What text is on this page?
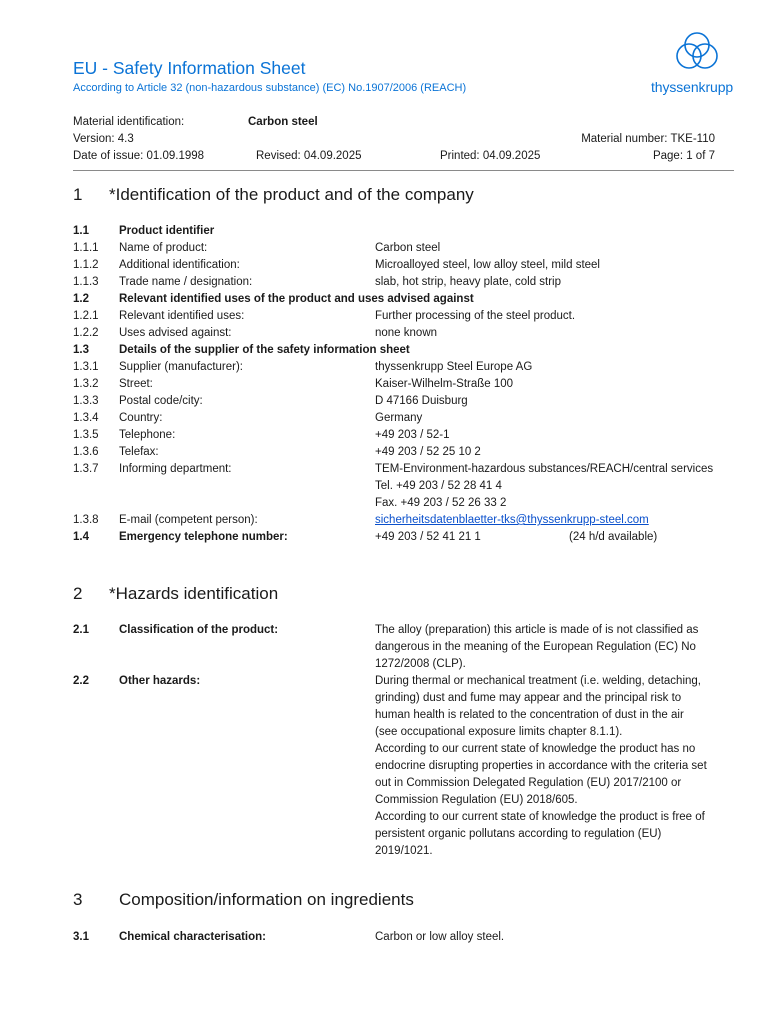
EU - Safety Information Sheet
According to Article 32 (non-hazardous substance) (EC) No.1907/2006 (REACH)	thyssenkrupp
Material identification:	Carbon steel
Version: 4.3	Material number: TKE-110
Date of issue: 01.09.1998	Revised: 04.09.2025	Printed: 04.09.2025	Page: 1 of 7
1 *Identification of the product and of the company
1.1	Product identifier
1.1.1 Name of product:	Carbon steel
1.1.2 Additional identification:	Microalloyed steel, low alloy steel, mild steel
1.1.3 Trade name / designation:	slab, hot strip, heavy plate, cold strip
1.2	Relevant identified uses of the product and uses advised against
1.2.1 Relevant identified uses:	Further processing of the steel product.
1.2.2 Uses advised against:	none known
1.3	Details of the supplier of the safety information sheet
1.3.1 Supplier (manufacturer):	thyssenkrupp Steel Europe AG
1.3.2 Street:	Kaiser-Wilhelm-Straße 100
1.3.3 Postal code/city:	D 47166 Duisburg
1.3.4 Country:	Germany
1.3.5 Telephone:	+49 203 / 52-1
1.3.6 Telefax:	+49 203 / 52 25 10 2
1.3.7 Informing department:	TEM-Environment-hazardous substances/REACH/central services
Tel. +49 203 / 52 28 41 4
Fax. +49 203 / 52 26 33 2
1.3.8 E-mail (competent person):	sicherheitsdatenblaetter-tks@thyssenkrupp-steel.com
1.4	Emergency telephone number:	+49 203 / 52 41 21 1	(24 h/d available)
2 *Hazards identification
2.1	Classification of the product:	The alloy (preparation) this article is made of is not classified as
dangerous in the meaning of the European Regulation (EC) No
1272/2008 (CLP).
2.2	Other hazards:	During thermal or mechanical treatment (i.e. welding, detaching,
grinding) dust and fume may appear and the principal risk to
human health is related to the concentration of dust in the air
(see occupational exposure limits chapter 8.1.1).
According to our current state of knowledge the product has no
endocrine disrupting properties in accordance with the criteria set
out in Commission Delegated Regulation (EU) 2017/2100 or
Commission Regulation (EU) 2018/605.
According to our current state of knowledge the product is free of
persistent organic pollutans according to regulation (EU)
2019/1021.
3 Composition/information on ingredients
3.1	Chemical characterisation:	Carbon or low alloy steel.
